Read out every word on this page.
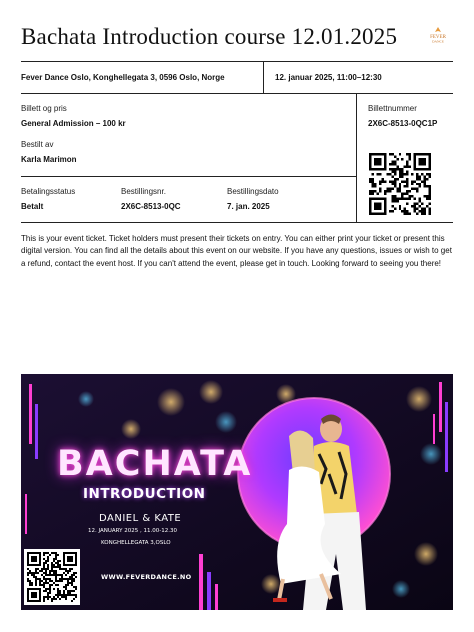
Bachata Introduction course 12.01.2025	FEVER
DANCE
Fever Dance Oslo, Konghellegata 3, 0596 Oslo, Norge	12. januar 2025, 11:00–12:30
Billett og pris
General Admission – 100 kr
Bestilt av
Karla Marimon
Billettnummer
2X6C-8513-0QC1P
Betalingsstatus
Betalt
Bestillingsnr.
2X6C-8513-0QC
Bestillingsdato
7. jan. 2025
This is your event ticket. Ticket holders must present their tickets on entry. You can either print your ticket or present this digital version. You can find all the details about this event on our website. If you have any questions, issues or wish to get a refund, contact the event host. If you can't attend the event, please get in touch. Looking forward to seeing you there!
BACHATA
INTRODUCTION
DANIEL & KATE
12. JANUARY 2025 , 11.00-12.30
KONGHELLEGATA 3,OSLO
WWW.FEVERDANCE.NO
